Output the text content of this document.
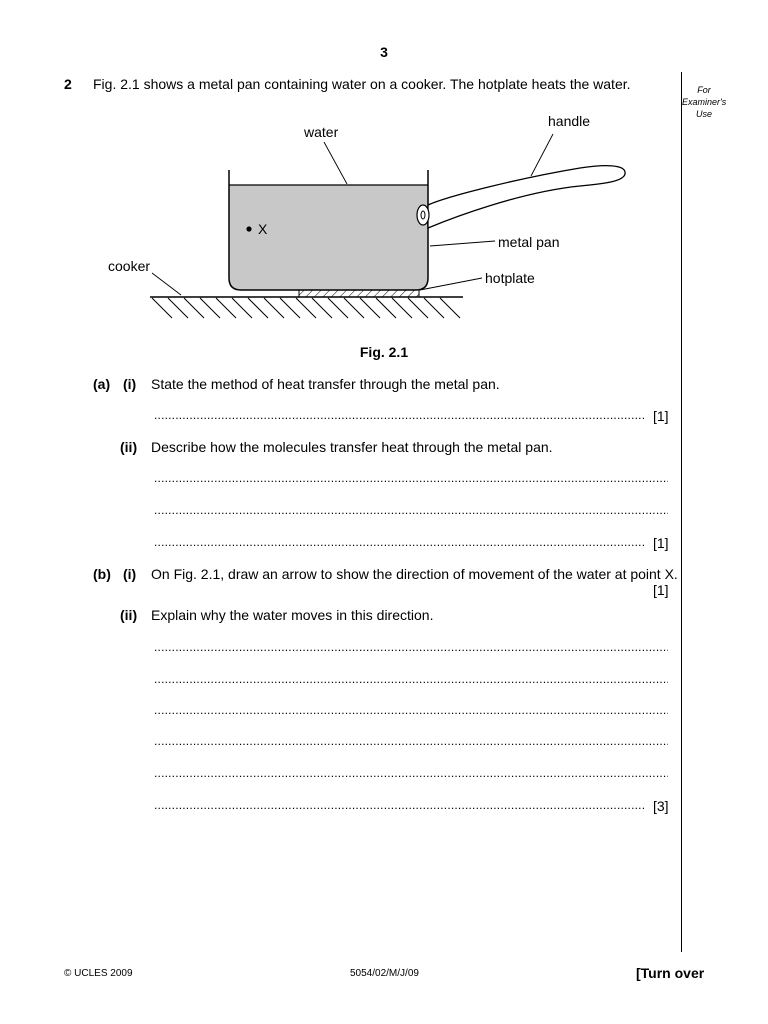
3
2 Fig. 2.1 shows a metal pan containing water on a cooker. The hotplate heats the water.	For
Examiner's
Use
water
handle
X
metal pan
cooker
hotplate
Fig. 2.1
(a) (i) State the method of heat transfer through the metal pan.
.....
[1]
(ii) Describe how the molecules transfer heat through the metal pan.
.....
.....
.....
[1]
(b) (i) On Fig. 2.1, draw an arrow to show the direction of movement of the water at point X.
[1]
(ii) Explain why the water moves in this direction.
.....
.....
.....
.....
.....
.....
[3]
© UCLES 2009	5054/02/M/J/09	[Turn over
